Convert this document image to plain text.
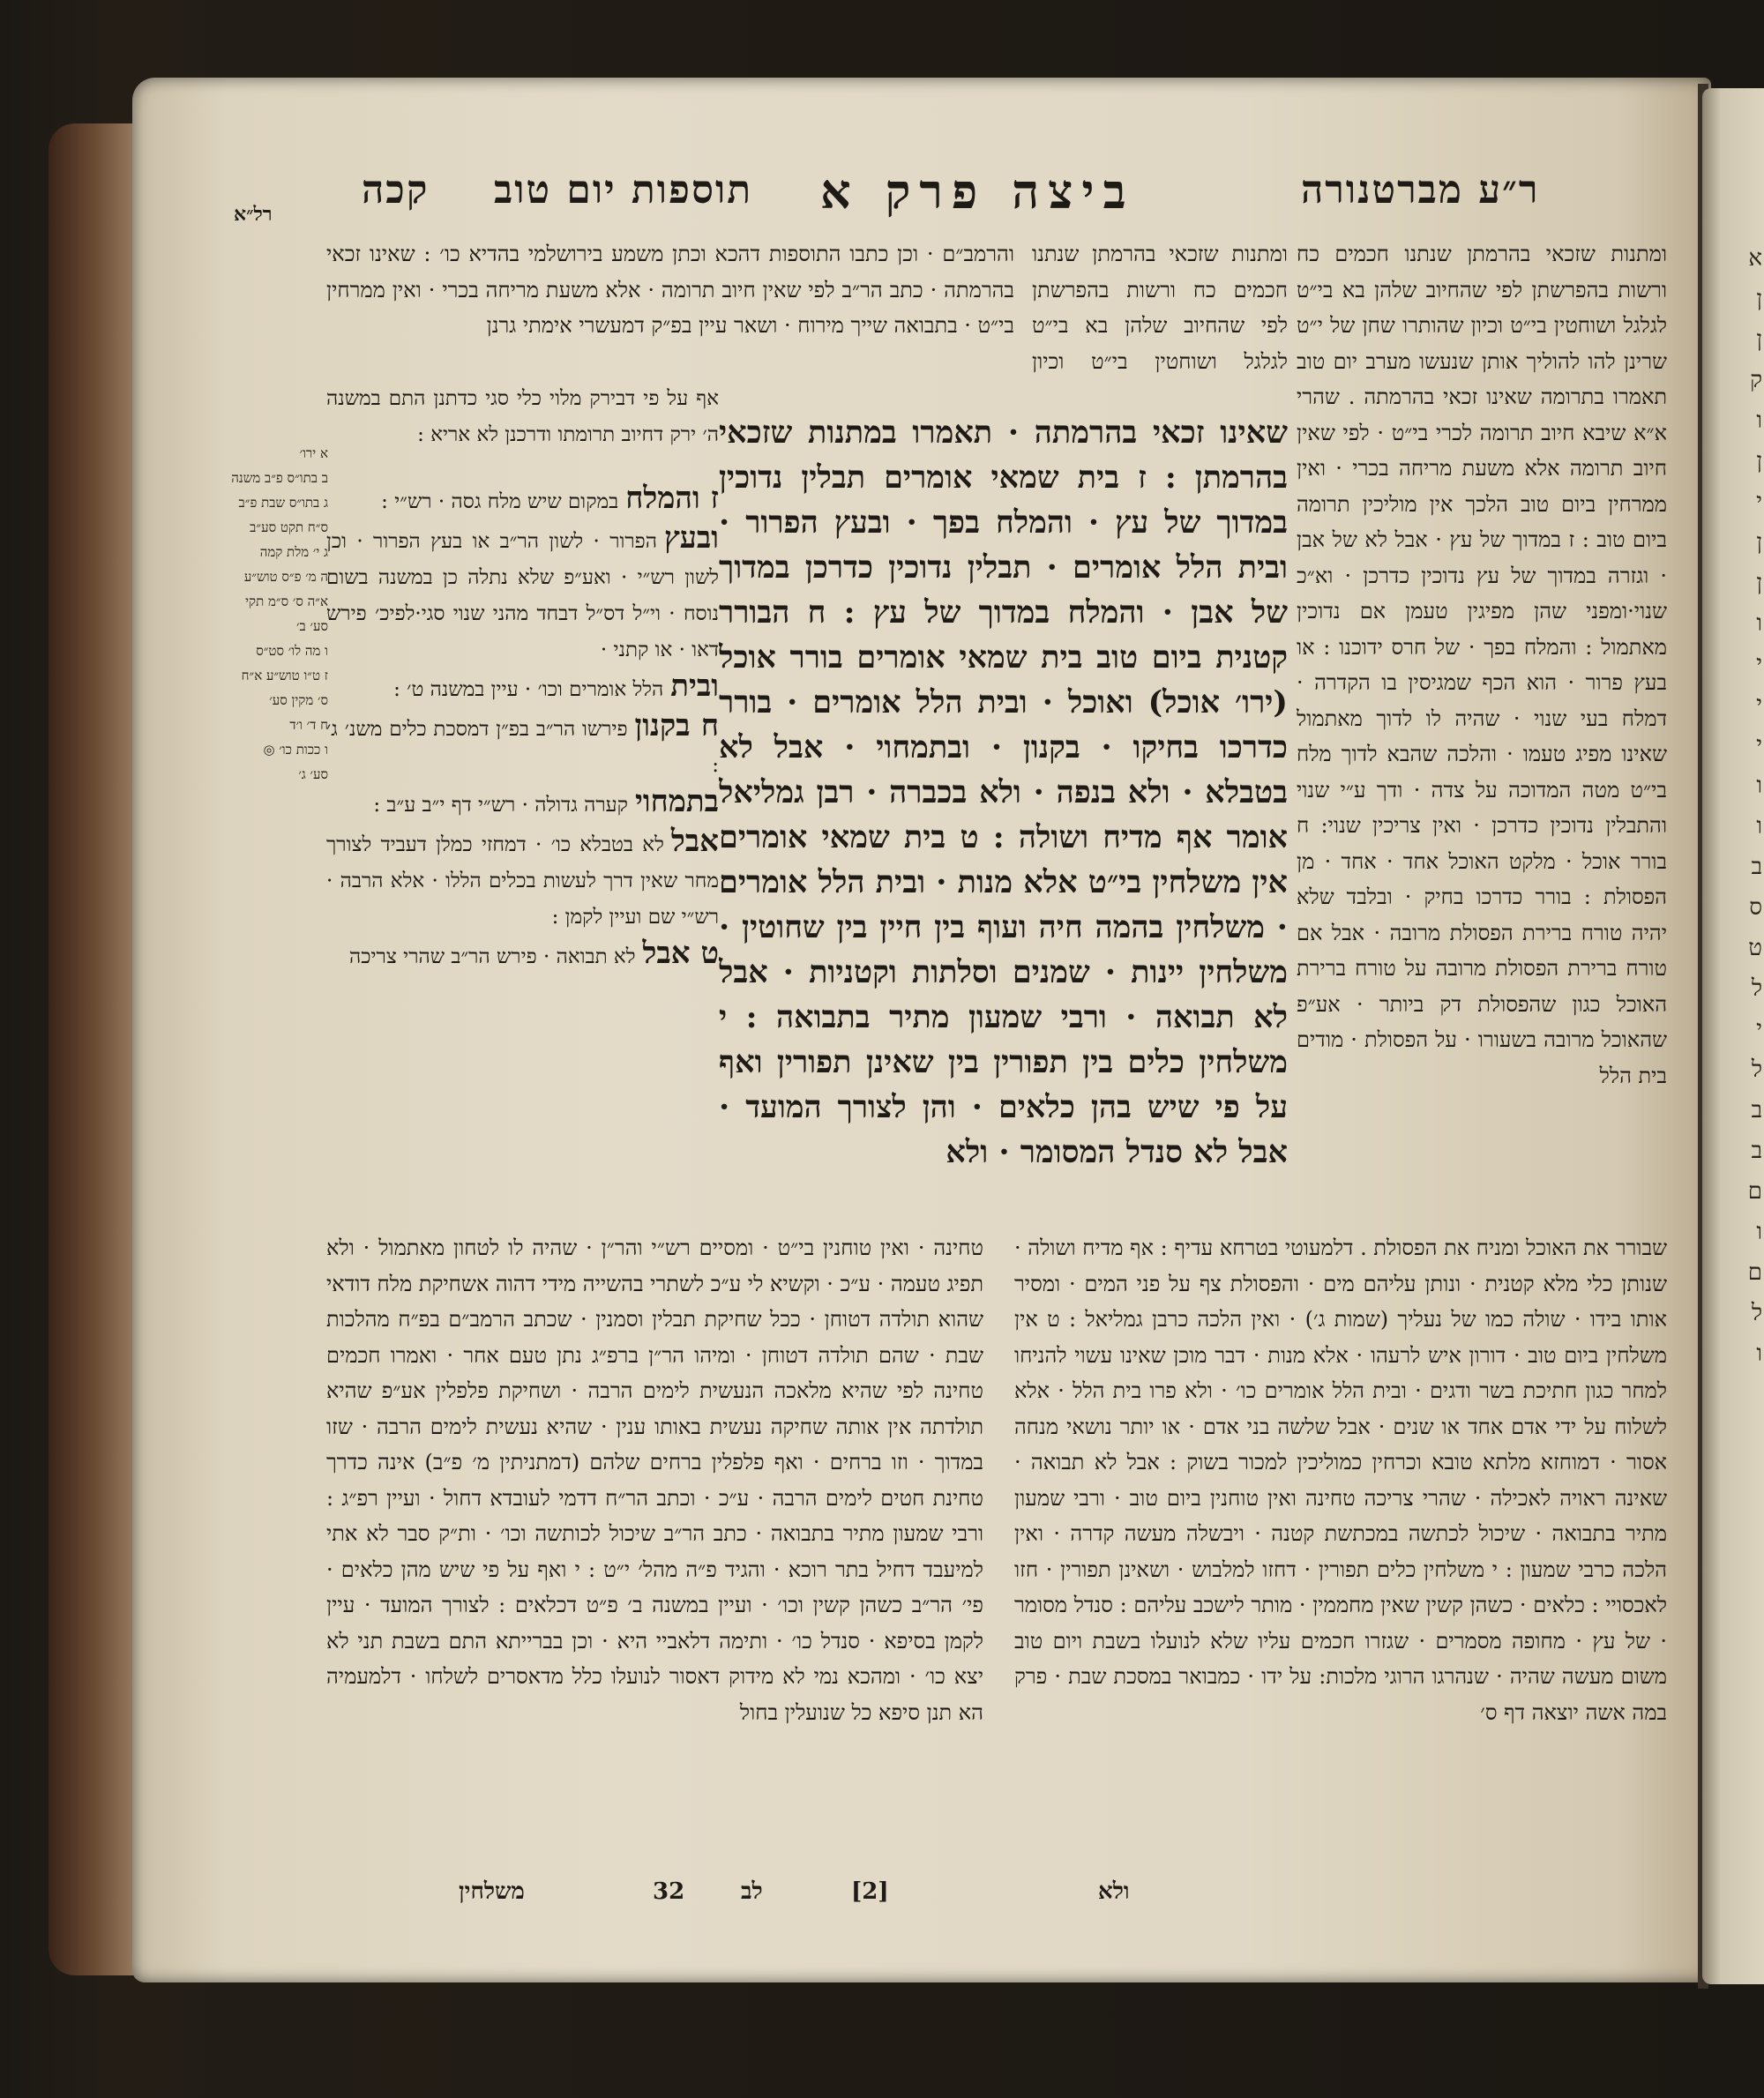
ר״ע מברטנורה
ביצה פרק א
תוספות יום טוב
קכה
רל״א

ומתנות שזכאי בהרמתן שנתנו חכמים כח ורשות בהפרשתן לפי שהחיוב שלהן בא בי״ט לגלגל ושוחטין בי״ט וכיון שהותרו שחן של י״ט שרינן להו להוליך אותן שנעשו מערב יום טוב תאמרו בתרומה שאינו זכאי בהרמתה . שהרי א״א שיבא חיוב תרומה לכרי בי״ט · לפי שאין חיוב תרומה אלא משעת מריחה בכרי · ואין ממרחין ביום טוב הלכך אין מוליכין תרומה ביום טוב : ז במדוך של עץ · אבל לא של אבן · וגזרה במדוך של עץ נדוכין כדרכן · וא״כ שנוי·ומפני שהן מפיגין טעמן אם נדוכין מאתמול : והמלח בפך · של חרס ידוכנו : או בעץ פרור · הוא הכף שמגיסין בו הקדרה · דמלח בעי שנוי · שהיה לו לדוך מאתמול שאינו מפיג טעמו · והלכה שהבא לדוך מלח בי״ט מטה המדוכה על צדה · ודך ע״י שנוי והתבלין נדוכין כדרכן · ואין צריכין שנוי: ח בורר אוכל · מלקט האוכל אחד · אחד · מן הפסולת : בורר כדרכו בחיק · ובלבד שלא יהיה טורח ברירת הפסולת מרובה · אבל אם טורח ברירת הפסולת מרובה על טורח ברירת האוכל כגון שהפסולת דק ביותר · אע״פ שהאוכל מרובה בשעורו · על הפסולת · מודים בית הלל

והרמב״ם · וכן כתבו התוספות דהכא וכתן משמע בירושלמי בהדיא כו׳ : שאינו זכאי בהרמתה · כתב הר״ב לפי שאין חיוב תרומה · אלא משעת מריחה בכרי · ואין ממרחין בי״ט · בתבואה שייך מירוח · ושאר עיין בפ״ק דמעשרי אימתי גרנן

ומתנות שזכאי בהרמתן שנתנו חכמים כח ורשות בהפרשתן לפי שהחיוב שלהן בא בי״ט לגלגל ושוחטין בי״ט וכיון

אף על פי דבירק מלוי כלי סגי כדתנן התם במשנה ה׳ ירק דחיוב תרומתו ודרכנן לא אריא :

ז והמלחבמקום שיש מלח גסה · רש״י :
ובעץהפרור · לשון הר״ב או בעץ הפרור · וכן לשון רש״י · ואע״פ שלא נתלה כן במשנה בשום נוסח · וי״ל דס״ל דבחד מהני שנוי סגי·לפיכ׳ פירש דאו · או קתני ·
וביתהלל אומרים וכו׳ · עיין במשנה ט׳ :
ח בקנוןפירשו הר״ב בפ״ן דמסכת כלים משנ׳ ג׳ :
בתמחויקערה גדולה · רש״י דף י״ב ע״ב :
אבללא בטבלא כו׳ · דמחזי כמלן דעביד לצורך מחר שאין דרך לעשות בכלים הללו · אלא הרבה · רש״י שם ועיין לקמן :
ט אבללא תבואה · פירש הר״ב שהרי צריכה

שאינו זכאי בהרמתה · תאמרו במתנות שזכאי בהרמתן : ז בית שמאי אומרים תבלין נדוכין במדוך של עץ · והמלח בפך · ובעץ הפרור · ובית הלל אומרים · תבלין נדוכין כדרכן במדוך של אבן · והמלח במדוך של עץ : ח הבורר קטנית ביום טוב בית שמאי אומרים בורר אוכל (ירו׳ אוכל) ואוכל · ובית הלל אומרים · בורר כדרכו בחיקו · בקנון · ובתמחוי · אבל לא בטבלא · ולא בנפה · ולא בכברה · רבן גמליאל אומר אף מדיח ושולה : ט בית שמאי אומרים אין משלחין בי״ט אלא מנות · ובית הלל אומרים · משלחין בהמה חיה ועוף בין חיין בין שחוטין · משלחין יינות · שמנים וסלתות וקטניות · אבל לא תבואה · ורבי שמעון מתיר בתבואה : י משלחין כלים בין תפורין בין שאינן תפורין ואף על פי שיש בהן כלאים · והן לצורך המועד · אבל לא סנדל המסומר · ולא

א ירו׳
ב בתו״ס פ״ב משנה
ג בתו״ס שבת פ״ב
ס״ח תקט סע״ב
ג י׳ מלת קמה
ה מ׳ פ״ס טוש״ע
א״ה ס׳ ס״מ תקי
סע׳ ב׳
ו מה לו׳ סט״ס
ז ט״ו טוש״ע א״ח
ס׳ מקין סע׳
ח ד׳ ו׳ד
ו ככות כו׳ ◎
סע׳ ג׳

טחינה · ואין טוחנין בי״ט · ומסיים רש״י והר״ן · שהיה לו לטחון מאתמול · ולא תפיג טעמה · ע״כ · וקשיא לי ע״כ לשתרי בהשייה מידי דהוה אשחיקת מלח דודאי שהוא תולדה דטוחן · ככל שחיקת תבלין וסמנין · שכתב הרמב״ם בפ״ח מהלכות שבת · שהם תולדה דטוחן · ומיהו הר״ן ברפ״ג נתן טעם אחר · ואמרו חכמים טחינה לפי שהיא מלאכה הנעשית לימים הרבה · ושחיקת פלפלין אע״פ שהיא תולדתה אין אותה שחיקה נעשית באותו ענין · שהיא נעשית לימים הרבה · שזו במדוך · וזו ברחים · ואף פלפלין ברחים שלהם (דמתניתין מ׳ פ״ב) אינה כדרך טחינת חטים לימים הרבה · ע״כ · וכתב הר״ח דדמי לעובדא דחול · ועיין רפ״ג : ורבי שמעון מתיר בתבואה · כתב הר״ב שיכול לכותשה וכו׳ · ות״ק סבר לא אתי למיעבד דחיל בתר רוכא · והגיד פ״ה מהל׳ י״ט : י ואף על פי שיש מהן כלאים · פי׳ הר״ב כשהן קשין וכו׳ · ועיין במשנה ב׳ פ״ט דכלאים : לצורך המועד · עיין לקמן בסיפא · סנדל כו׳ · ותימה דלאביי היא · וכן בברייתא התם בשבת תני לא יצא כו׳ · ומהכא נמי לא מידוק דאסור לנועלו כלל מדאסרים לשלחו · דלמעמיה הא תנן סיפא כל שנועלין בחול

שבורר את האוכל ומניח את הפסולת . דלמעוטי בטרחא עדיף : אף מדיח ושולה · שנותן כלי מלא קטנית · ונותן עליהם מים · והפסולת צף על פני המים · ומסיר אותו בידו · שולה כמו של נעליך (שמות ג׳) · ואין הלכה כרבן גמליאל : ט אין משלחין ביום טוב · דורון איש לרעהו · אלא מנות · דבר מוכן שאינו עשוי להניחו למחר כגון חתיכת בשר ודגים · ובית הלל אומרים כו׳ · ולא פרו בית הלל · אלא לשלוח על ידי אדם אחד או שנים · אבל שלשה בני אדם · או יותר נושאי מנחה אסור · דמוחזא מלתא טובא וכרחין כמוליכין למכור בשוק : אבל לא תבואה · שאינה ראויה לאכילה · שהרי צריכה טחינה ואין טוחנין ביום טוב · ורבי שמעון מתיר בתבואה · שיכול לכתשה במכתשת קטנה · ויבשלה מעשה קדרה · ואין הלכה כרבי שמעון : י משלחין כלים תפורין · דחזו למלבוש · ושאינן תפורין · חזו לאכסויי : כלאים · כשהן קשין שאין מחממין · מותר לישכב עליהם : סנדל מסומר · של עץ · מחופה מסמרים · שגזרו חכמים עליו שלא לנועלו בשבת ויום טוב משום מעשה שהיה · שנהרגו הרוגי מלכות: על ידו · כמבואר במסכת שבת · פרק במה אשה יוצאה דף ס׳

ולא
משלחין	32 לב	[2]
א
ן
ן
ק
ו
ן
י
ן
ן
ו
י
י
י
ו
ו
ב
ס
ט
ל
י
ל
ב
ב
ם
ו
ם
ל
ו
